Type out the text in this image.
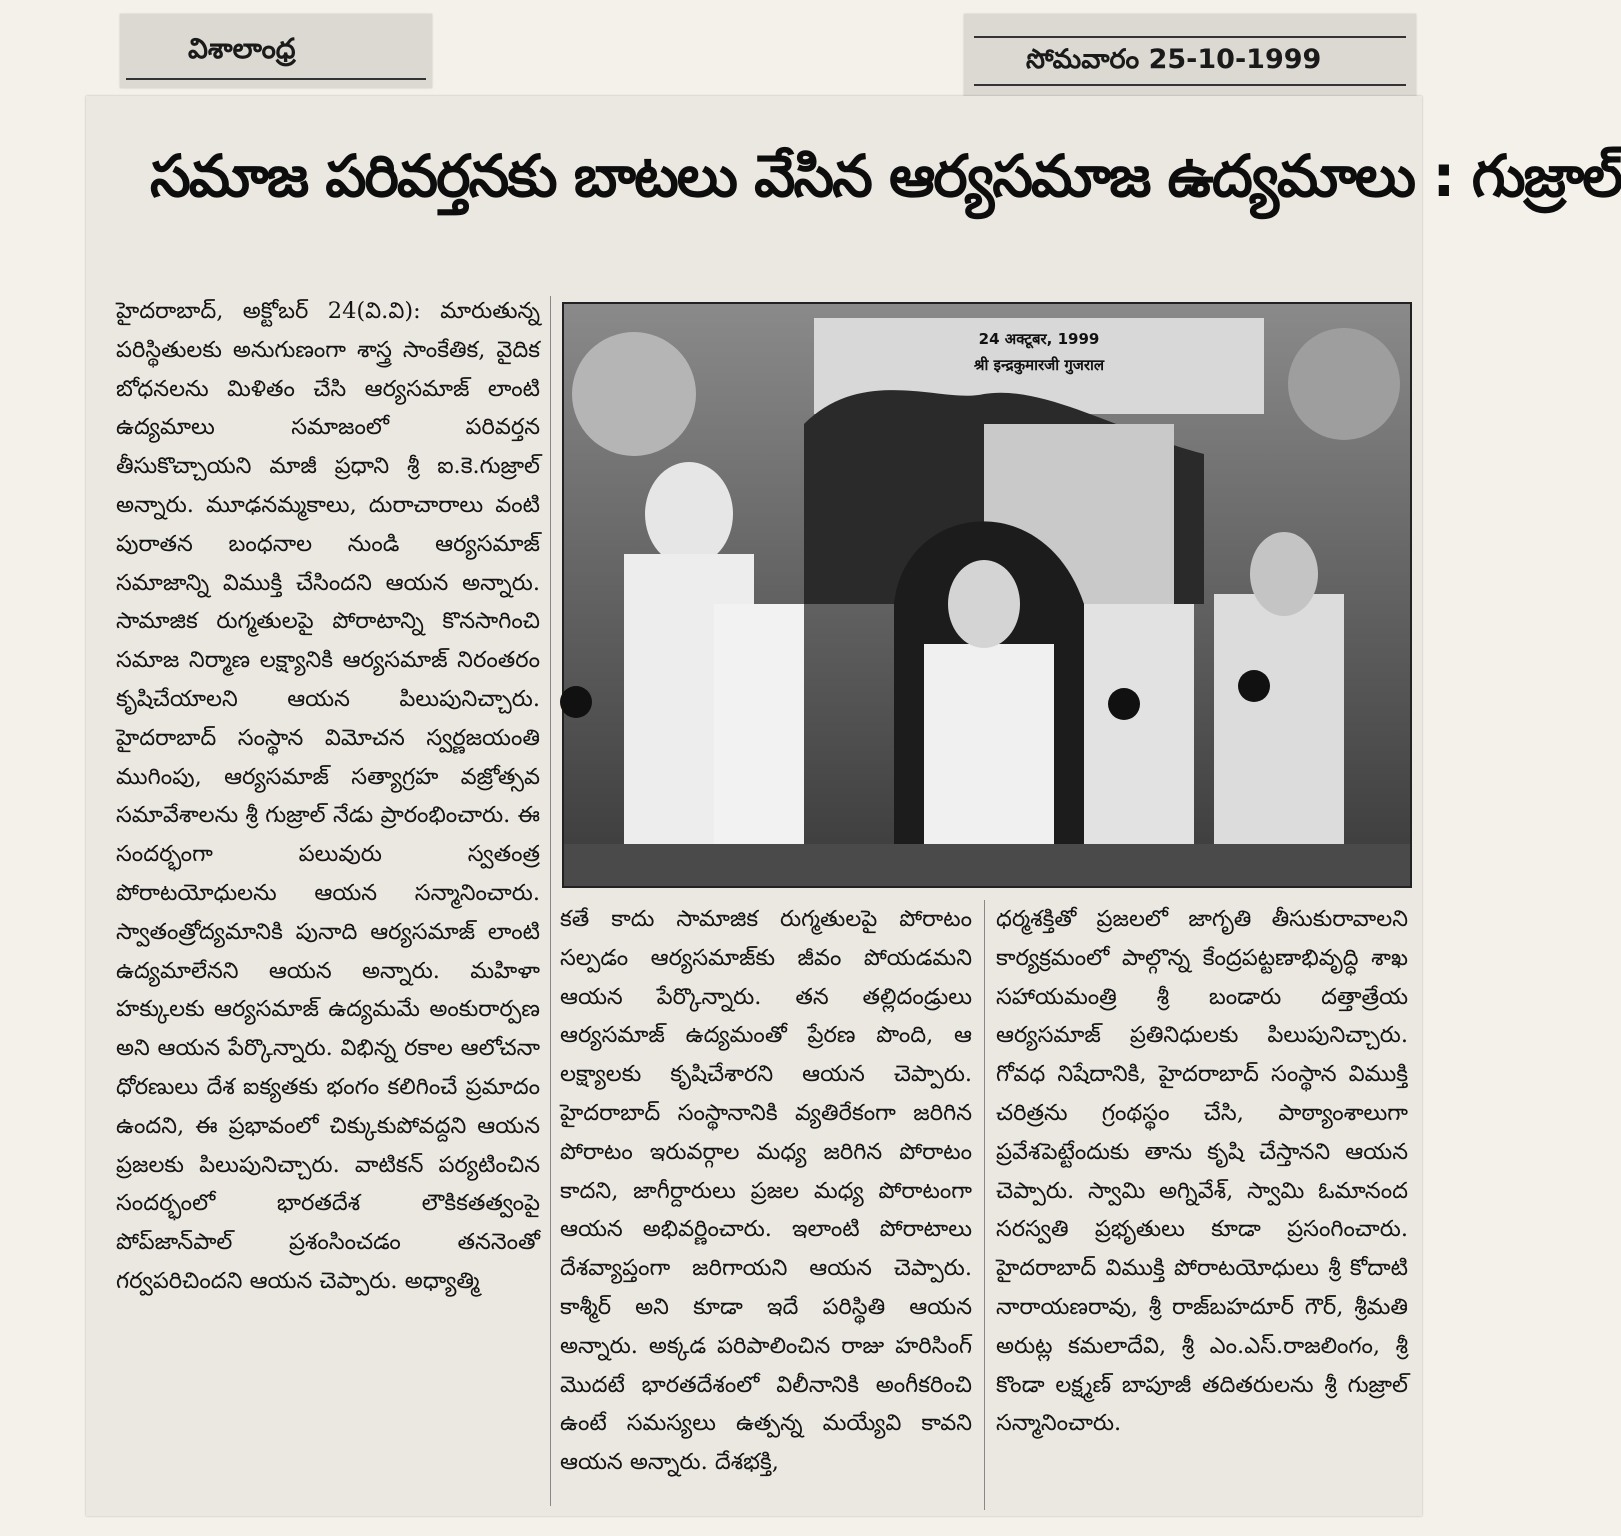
విశాలాంధ్ర	సోమవారం 25-10-1999
సమాజ పరివర్తనకు బాటలు వేసిన ఆర్యసమాజ ఉద్యమాలు : గుజ్రాల్
హైదరాబాద్, అక్టోబర్ 24(వి.వి): మారుతున్న పరిస్థితులకు అనుగుణంగా శాస్త్ర సాంకేతిక, వైదిక బోధనలను మిళితం చేసి ఆర్యసమాజ్ లాంటి ఉద్యమాలు సమాజంలో పరివర్తన తీసుకొచ్చాయని మాజీ ప్రధాని శ్రీ ఐ.కె.గుజ్రాల్ అన్నారు. మూఢనమ్మకాలు, దురాచారాలు వంటి పురాతన బంధనాల నుండి ఆర్యసమాజ్ సమాజాన్ని విముక్తి చేసిందని ఆయన అన్నారు. సామాజిక రుగ్మతులపై పోరాటాన్ని కొనసాగించి సమాజ నిర్మాణ లక్ష్యానికి ఆర్యసమాజ్ నిరంతరం కృషిచేయాలని ఆయన పిలుపునిచ్చారు. హైదరాబాద్ సంస్థాన విమోచన స్వర్ణజయంతి ముగింపు, ఆర్యసమాజ్ సత్యాగ్రహ వజ్రోత్సవ సమావేశాలను శ్రీ గుజ్రాల్ నేడు ప్రారంభించారు. ఈ సందర్భంగా పలువురు స్వతంత్ర పోరాటయోధులను ఆయన సన్మానించారు. స్వాతంత్రోద్యమానికి పునాది ఆర్యసమాజ్ లాంటి ఉద్యమాలేనని ఆయన అన్నారు. మహిళా హక్కులకు ఆర్యసమాజ్ ఉద్యమమే అంకురార్పణ అని ఆయన పేర్కొన్నారు. విభిన్న రకాల ఆలోచనా ధోరణులు దేశ ఐక్యతకు భంగం కలిగించే ప్రమాదం ఉందని, ఈ ప్రభావంలో చిక్కుకుపోవద్దని ఆయన ప్రజలకు పిలుపునిచ్చారు. వాటికన్ పర్యటించిన సందర్భంలో భారతదేశ లౌకికతత్వంపై పోప్‌జాన్‌పాల్ ప్రశంసించడం తననెంతో గర్వపరిచిందని ఆయన చెప్పారు. అధ్యాత్మి
24 अक्टूबर, 1999
श्री इन्द्रकुमारजी गुजराल
కతే కాదు సామాజిక రుగ్మతులపై పోరాటం సల్పడం ఆర్యసమాజ్‌కు జీవం పోయడమని ఆయన పేర్కొన్నారు. తన తల్లిదండ్రులు ఆర్యసమాజ్ ఉద్యమంతో ప్రేరణ పొంది, ఆ లక్ష్యాలకు కృషిచేశారని ఆయన చెప్పారు. హైదరాబాద్ సంస్థానానికి వ్యతిరేకంగా జరిగిన పోరాటం ఇరువర్గాల మధ్య జరిగిన పోరాటం కాదని, జాగీర్దారులు ప్రజల మధ్య పోరాటంగా ఆయన అభివర్ణించారు. ఇలాంటి పోరాటాలు దేశవ్యాప్తంగా జరిగాయని ఆయన చెప్పారు. కాశ్మీర్ అని కూడా ఇదే పరిస్థితి ఆయన అన్నారు. అక్కడ పరిపాలించిన రాజు హరిసింగ్ మొదటే భారతదేశంలో విలీనానికి అంగీకరించి ఉంటే సమస్యలు ఉత్పన్న మయ్యేవి కావని ఆయన అన్నారు. దేశభక్తి,
ధర్మశక్తితో ప్రజలలో జాగృతి తీసుకురావాలని కార్యక్రమంలో పాల్గొన్న కేంద్రపట్టణాభివృద్ధి శాఖ సహాయమంత్రి శ్రీ బండారు దత్తాత్రేయ ఆర్యసమాజ్ ప్రతినిధులకు పిలుపునిచ్చారు. గోవధ నిషేదానికి, హైదరాబాద్ సంస్థాన విముక్తి చరిత్రను గ్రంథస్థం చేసి, పాఠ్యాంశాలుగా ప్రవేశపెట్టేందుకు తాను కృషి చేస్తానని ఆయన చెప్పారు. స్వామి అగ్నివేశ్, స్వామి ఓమానంద సరస్వతి ప్రభృతులు కూడా ప్రసంగించారు. హైదరాబాద్ విముక్తి పోరాటయోధులు శ్రీ కోదాటి నారాయణరావు, శ్రీ రాజ్‌బహదూర్ గౌర్, శ్రీమతి అరుట్ల కమలాదేవి, శ్రీ ఎం.ఎస్.రాజలింగం, శ్రీ కొండా లక్ష్మణ్ బాపూజీ తదితరులను శ్రీ గుజ్రాల్ సన్మానించారు.
